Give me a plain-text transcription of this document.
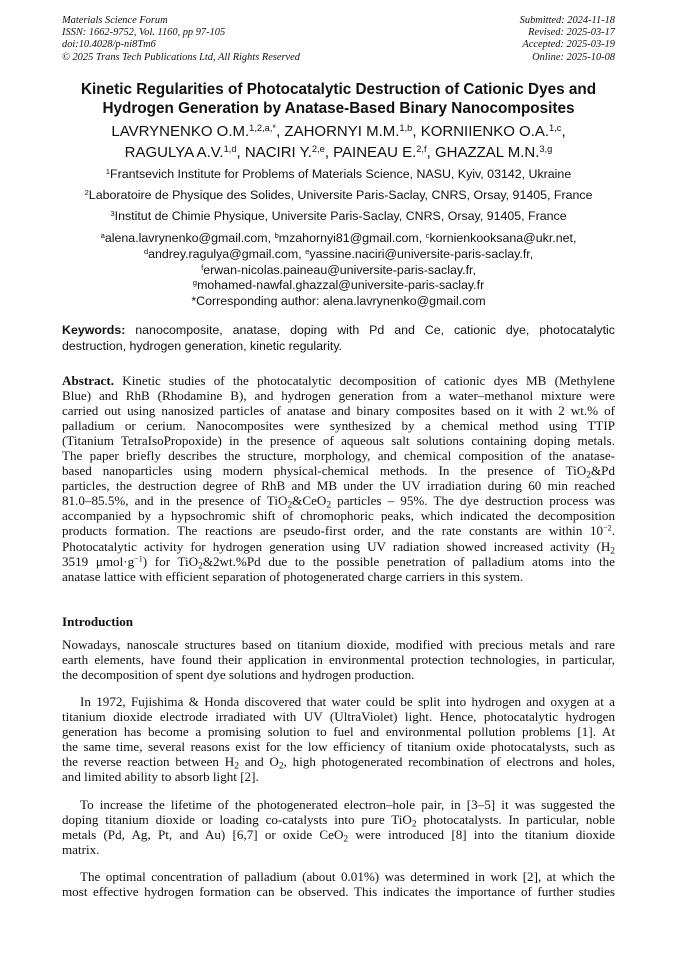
Materials Science Forum
ISSN: 1662-9752, Vol. 1160, pp 97-105
doi:10.4028/p-ni8Tm6
© 2025 Trans Tech Publications Ltd, All Rights Reserved
Submitted: 2024-11-18
Revised: 2025-03-17
Accepted: 2025-03-19
Online: 2025-10-08
Kinetic Regularities of Photocatalytic Destruction of Cationic Dyes and
Hydrogen Generation by Anatase-Based Binary Nanocomposites
LAVRYNENKO O.M.$^{1,2,a,*}$, ZAHORNYI M.M.$^{1,b}$, KORNIIENKO O.A.$^{1,c}$,
RAGULYA A.V.$^{1,d}$, NACIRI Y.$^{2,e}$, PAINEAU E.$^{2,f}$, GHAZZAL M.N.$^{3,g}$
$^1$Frantsevich Institute for Problems of Materials Science, NASU, Kyiv, 03142, Ukraine
$^2$Laboratoire de Physique des Solides, Universite Paris-Saclay, CNRS, Orsay, 91405, France
$^3$Institut de Chimie Physique, Universite Paris-Saclay, CNRS, Orsay, 91405, France
$^a$alena.lavrynenko@gmail.com, $^b$mzahornyi81@gmail.com, $^c$kornienkooksana@ukr.net,
$^d$andrey.ragulya@gmail.com, $^e$yassine.naciri@universite-paris-saclay.fr,
$^f$erwan-nicolas.paineau@universite-paris-saclay.fr,
$^g$mohamed-nawfal.ghazzal@universite-paris-saclay.fr
*Corresponding author: alena.lavrynenko@gmail.com
Keywords: nanocomposite, anatase, doping with Pd and Ce, cationic dye, photocatalytic
destruction, hydrogen generation, kinetic regularity.
Abstract. Kinetic studies of the photocatalytic decomposition of cationic dyes MB (Methylene
Blue) and RhB (Rhodamine B), and hydrogen generation from a water–methanol mixture were
carried out using nanosized particles of anatase and binary composites based on it with 2 wt.% of
palladium or cerium. Nanocomposites were synthesized by a chemical method using TTIP
(Titanium TetraIsoPropoxide) in the presence of aqueous salt solutions containing doping metals.
The paper briefly describes the structure, morphology, and chemical composition of the anatase-
based nanoparticles using modern physical-chemical methods. In the presence of TiO$_2$&Pd
particles, the destruction degree of RhB and MB under the UV irradiation during 60 min reached
81.0–85.5%, and in the presence of TiO$_2$&CeO$_2$ particles – 95%. The dye destruction process was
accompanied by a hypsochromic shift of chromophoric peaks, which indicated the decomposition
products formation. The reactions are pseudo-first order, and the rate constants are within $10^{-2}$.
Photocatalytic activity for hydrogen generation using UV radiation showed increased activity ($H_2$
3519 $\mu mol\cdot g^{-1}$) for TiO$_2$&2wt.%Pd due to the possible penetration of palladium atoms into the
anatase lattice with efficient separation of photogenerated charge carriers in this system.
Introduction
Nowadays, nanoscale structures based on titanium dioxide, modified with precious metals and rare
earth elements, have found their application in environmental protection technologies, in particular,
the decomposition of spent dye solutions and hydrogen production.
In 1972, Fujishima & Honda discovered that water could be split into hydrogen and oxygen at a
titanium dioxide electrode irradiated with UV (UltraViolet) light. Hence, photocatalytic hydrogen
generation has become a promising solution to fuel and environmental pollution problems [1]. At
the same time, several reasons exist for the low efficiency of titanium oxide photocatalysts, such as
the reverse reaction between $H_2$ and $O_2$, high photogenerated recombination of electrons and holes,
and limited ability to absorb light [2].
To increase the lifetime of the photogenerated electron–hole pair, in [3–5] it was suggested the
doping titanium dioxide or loading co-catalysts into pure TiO$_2$ photocatalysts. In particular, noble
metals (Pd, Ag, Pt, and Au) [6,7] or oxide CeO$_2$ were introduced [8] into the titanium dioxide
matrix.
The optimal concentration of palladium (about 0.01%) was determined in work [2], at which the
most effective hydrogen formation can be observed. This indicates the importance of further studies
